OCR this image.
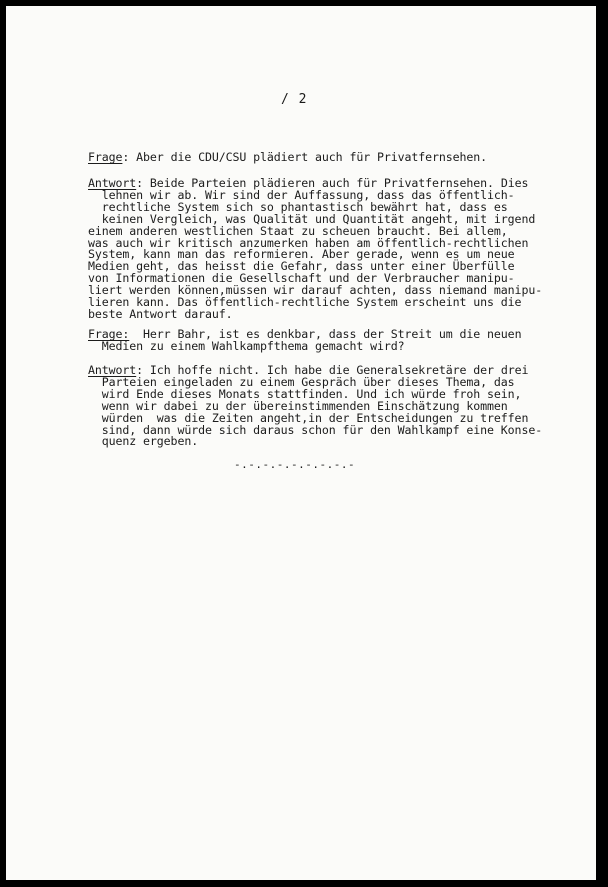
/ 2
Frage: Aber die CDU/CSU plädiert auch für Privatfernsehen.
Antwort: Beide Parteien plädieren auch für Privatfernsehen. Dies
lehnen wir ab. Wir sind der Auffassung, dass das öffentlich-
rechtliche System sich so phantastisch bewährt hat, dass es
keinen Vergleich, was Qualität und Quantität angeht, mit irgend
einem anderen westlichen Staat zu scheuen braucht. Bei allem,
was auch wir kritisch anzumerken haben am öffentlich-rechtlichen
System, kann man das reformieren. Aber gerade, wenn es um neue
Medien geht, das heisst die Gefahr, dass unter einer Überfülle
von Informationen die Gesellschaft und der Verbraucher manipu-
liert werden können,müssen wir darauf achten, dass niemand manipu-
lieren kann. Das öffentlich-rechtliche System erscheint uns die
beste Antwort darauf.
Frage:  Herr Bahr, ist es denkbar, dass der Streit um die neuen
Medien zu einem Wahlkampfthema gemacht wird?
Antwort: Ich hoffe nicht. Ich habe die Generalsekretäre der drei
Parteien eingeladen zu einem Gespräch über dieses Thema, das
wird Ende dieses Monats stattfinden. Und ich würde froh sein,
wenn wir dabei zu der übereinstimmenden Einschätzung kommen
würden  was die Zeiten angeht,in der Entscheidungen zu treffen
sind, dann würde sich daraus schon für den Wahlkampf eine Konse-
quenz ergeben.
-.-.-.-.-.-.-.-.-
